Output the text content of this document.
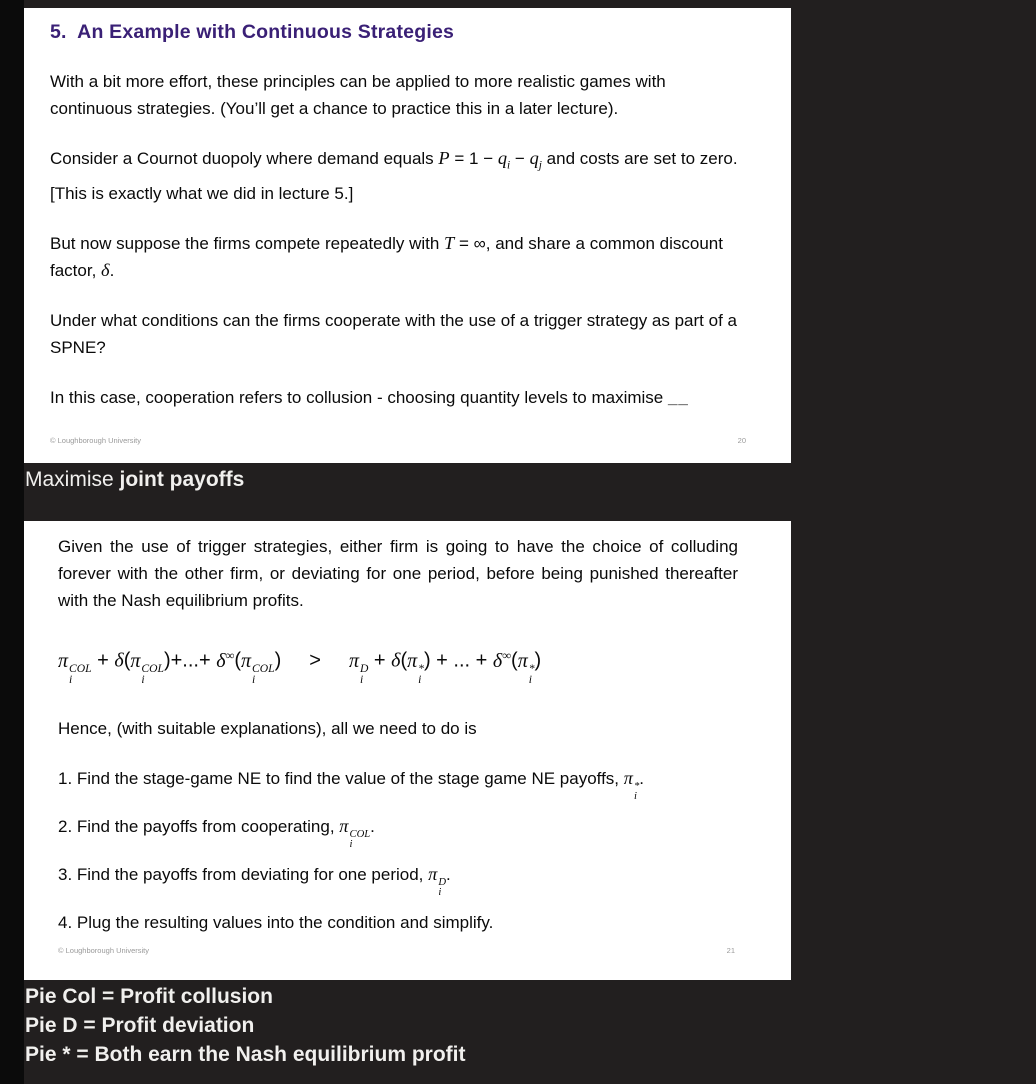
5.  An Example with Continuous Strategies

With a bit more effort, these principles can be applied to more realistic games with continuous strategies. (You’ll get a chance to practice this in a later lecture).

Consider a Cournot duopoly where demand equals $P = 1 - q_i - q_j$ and costs are set to zero. [This is exactly what we did in lecture 5.]

But now suppose the firms compete repeatedly with T = ∞, and share a common discount factor, δ.

Under what conditions can the firms cooperate with the use of a trigger strategy as part of a SPNE?

In this case, cooperation refers to collusion - choosing quantity levels to maximise __

© Loughborough University	20
Maximise joint payoffs

Given the use of trigger strategies, either firm is going to have the choice of colluding forever with the other firm, or deviating for one period, before being punished thereafter with the Nash equilibrium profits.

π COL
i
+ δ(π COL
i
)+...+ δ∞(π COL
i
) > π D
i
+ δ(π *
i
) + ... + δ∞(π *
i
)

Hence, (with suitable explanations), all we need to do is

1. Find the stage-game NE to find the value of the stage game NE payoffs, π *
i
.

2. Find the payoffs from cooperating, π COL
i
.

3. Find the payoffs from deviating for one period, π D
i
.

4. Plug the resulting values into the condition and simplify.

© Loughborough University	21
Pie Col = Profit collusion
Pie D = Profit deviation
Pie * = Both earn the Nash equilibrium profit
